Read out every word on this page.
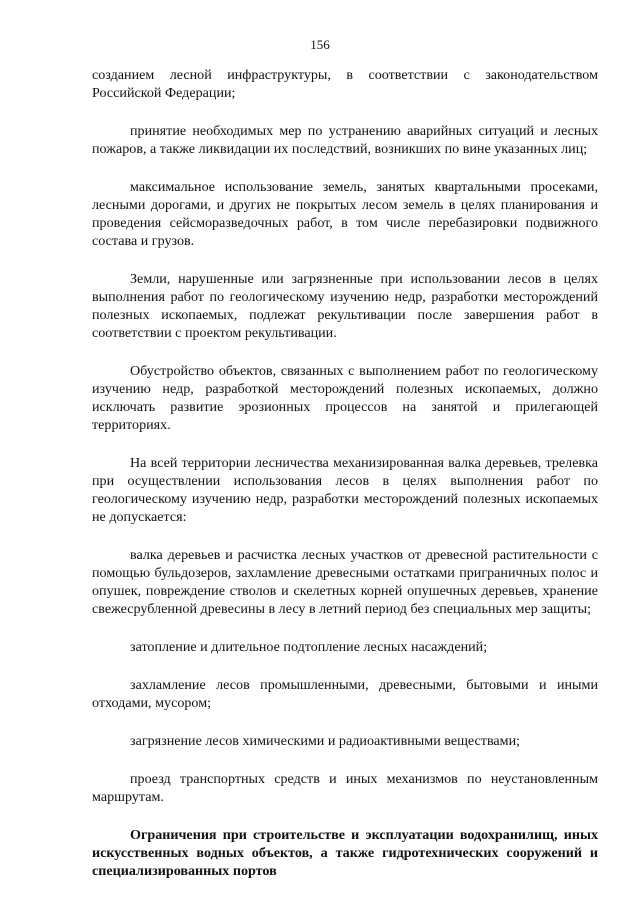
156

созданием лесной инфраструктуры, в соответствии с законодательством Российской Федерации;

принятие необходимых мер по устранению аварийных ситуаций и лесных пожаров, а также ликвидации их последствий, возникших по вине указанных лиц;

максимальное использование земель, занятых квартальными просеками, лесными дорогами, и других не покрытых лесом земель в целях планирования и проведения сейсморазведочных работ, в том числе перебазировки подвижного состава и грузов.

Земли, нарушенные или загрязненные при использовании лесов в целях выполнения работ по геологическому изучению недр, разработки месторождений полезных ископаемых, подлежат рекультивации после завершения работ в соответствии с проектом рекультивации.

Обустройство объектов, связанных с выполнением работ по геологическому изучению недр, разработкой месторождений полезных ископаемых, должно исключать развитие эрозионных процессов на занятой и прилегающей территориях.

На всей территории лесничества механизированная валка деревьев, трелевка при осуществлении использования лесов в целях выполнения работ по геологическому изучению недр, разработки месторождений полезных ископаемых не допускается:

валка деревьев и расчистка лесных участков от древесной растительности с помощью бульдозеров, захламление древесными остатками приграничных полос и опушек, повреждение стволов и скелетных корней опушечных деревьев, хранение свежесрубленной древесины в лесу в летний период без специальных мер защиты;

затопление и длительное подтопление лесных насаждений;

захламление лесов промышленными, древесными, бытовыми и иными отходами, мусором;

загрязнение лесов химическими и радиоактивными веществами;

проезд транспортных средств и иных механизмов по неустановленным маршрутам.

Ограничения при строительстве и эксплуатации водохранилищ, иных искусственных водных объектов, а также гидротехнических сооружений и специализированных портов
